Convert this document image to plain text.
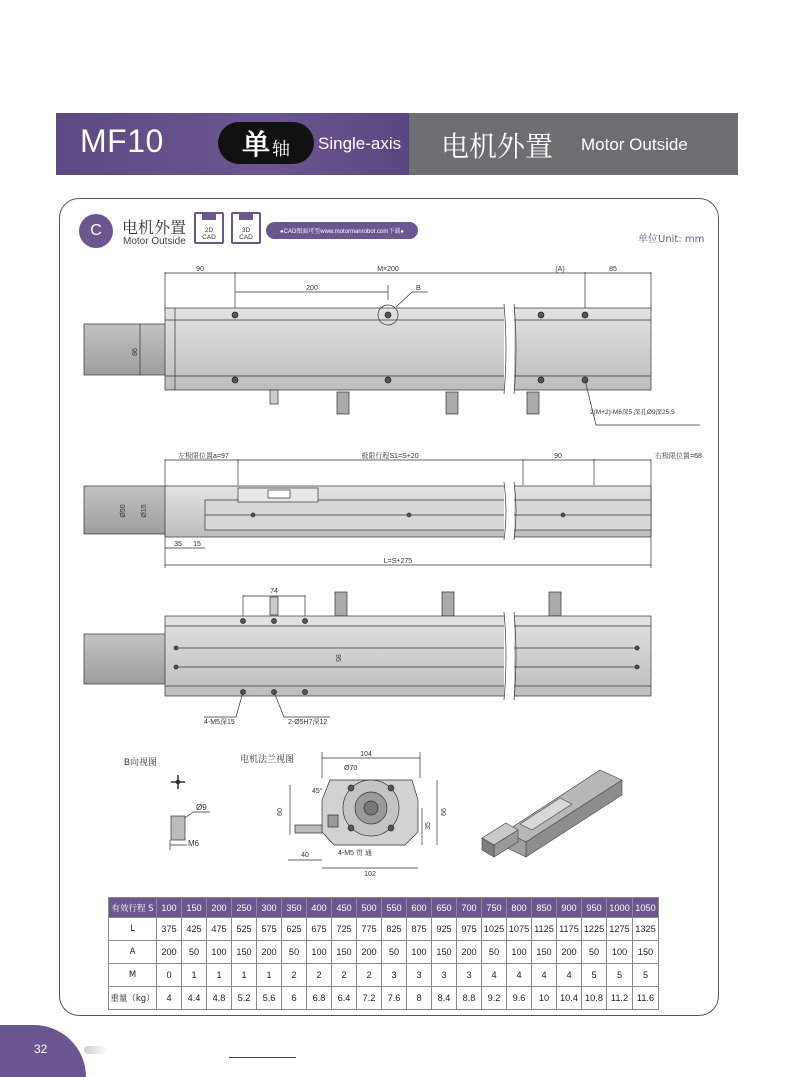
MF10	单 轴 Single-axis 电机外置 Motor Outside
C	电机外置
Motor Outside
2D
CAD
3D
CAD
●CAD图面可至www.motormanrobot.com下载●
单位Unit: mm
90	M×200	(A)	85
200	B
86
2(M+2)-M6深5 深孔Ø9深25.5
左极限位置a=97	极限行程S1=S+20	90	右极限位置=68
Ø50 Ø15
35 15
L=S+275
74
95
4-M5深15	2-Ø5H7深12
B向视图
Ø9
M6
电机法兰视图	104
Ø70
45°
60	66
35
40	4-M5 贯 通
102
有效行程 S	100	150	200	250	300	350	400	450	500	550	600	650	700	750	800	850	900	950	1000	1050
L	375	425	475	525	575	625	675	725	775	825	875	925	975	1025	1075	1125	1175	1225	1275	1325
A	200	50	100	150	200	50	100	150	200	50	100	150	200	50	100	150	200	50	100	150
M	0	1	1	1	1	2	2	2	2	3	3	3	3	4	4	4	4	5	5	5
重量（kg）	4	4.4	4.8	5.2	5.6	6	6.8	6.4	7.2	7.6	8	8.4	8.8	9.2	9.6	10	10.4	10.8	11.2	11.6
32
